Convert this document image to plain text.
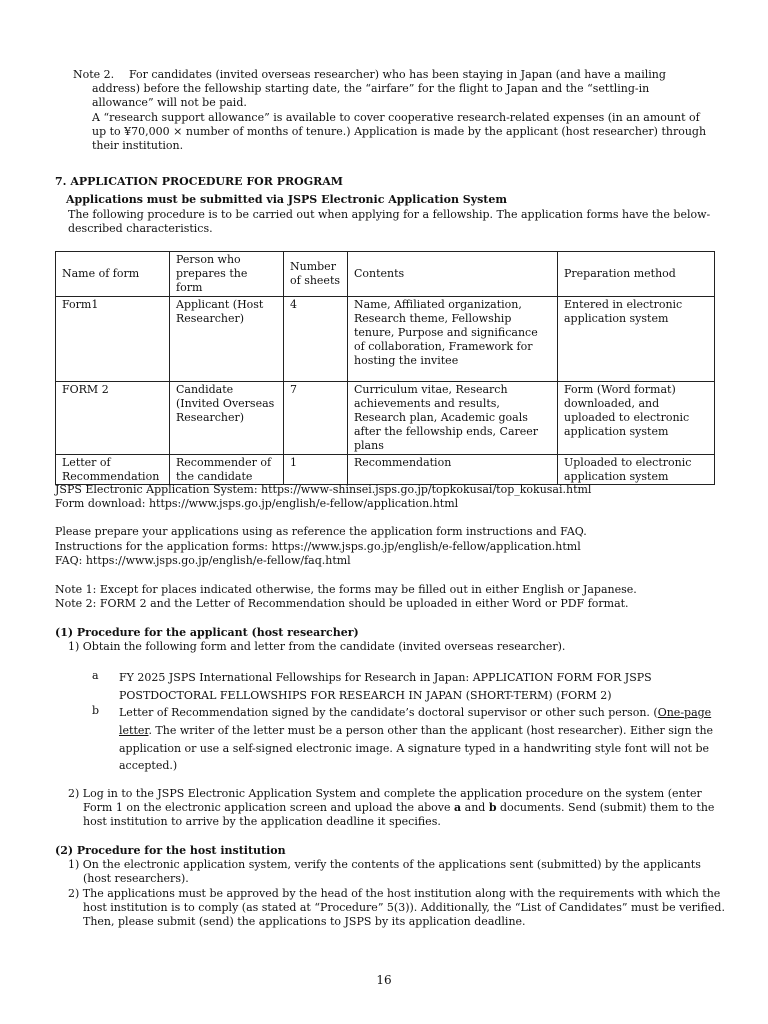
Note 2. For candidates (invited overseas researcher) who has been staying in Japan (and have a mailing

address) before the fellowship starting date, the “airfare” for the flight to Japan and the “settling-in allowance” will not be paid.

A “research support allowance” is available to cover cooperative research-related expenses (in an amount of up to ¥70,000 × number of months of tenure.) Application is made by the applicant (host researcher) through their institution.

7. APPLICATION PROCEDURE FOR PROGRAM

Applications must be submitted via JSPS Electronic Application System

The following procedure is to be carried out when applying for a fellowship. The application forms have the below-described characteristics.

Name of form	Person who prepares the form	Number of sheets	Contents	Preparation method
Form1	Applicant (Host Researcher)	4	Name, Affiliated organization, Research theme, Fellowship tenure, Purpose and significance of collaboration, Framework for hosting the invitee	Entered in electronic application system
FORM 2	Candidate (Invited Overseas Researcher)	7	Curriculum vitae, Research achievements and results, Research plan, Academic goals after the fellowship ends, Career plans	Form (Word format) downloaded, and uploaded to electronic application system
Letter of Recommendation	Recommender of the candidate	1	Recommendation	Uploaded to electronic application system

JSPS Electronic Application System: https://www-shinsei.jsps.go.jp/topkokusai/top_kokusai.html

Form download: https://www.jsps.go.jp/english/e-fellow/application.html

Please prepare your applications using as reference the application form instructions and FAQ.

Instructions for the application forms: https://www.jsps.go.jp/english/e-fellow/application.html

FAQ: https://www.jsps.go.jp/english/e-fellow/faq.html

Note 1: Except for places indicated otherwise, the forms may be filled out in either English or Japanese.

Note 2: FORM 2 and the Letter of Recommendation should be uploaded in either Word or PDF format.

(1) Procedure for the applicant (host researcher)

1) Obtain the following form and letter from the candidate (invited overseas researcher).

a FY 2025 JSPS International Fellowships for Research in Japan: APPLICATION FORM FOR JSPS POSTDOCTORAL FELLOWSHIPS FOR RESEARCH IN JAPAN (SHORT-TERM) (FORM 2)

b Letter of Recommendation signed by the candidate’s doctoral supervisor or other such person. (One-page letter. The writer of the letter must be a person other than the applicant (host researcher). Either sign the application or use a self-signed electronic image. A signature typed in a handwriting style font will not be accepted.)

2) Log in to the JSPS Electronic Application System and complete the application procedure on the system (enter Form 1 on the electronic application screen and upload the above a and b documents. Send (submit) them to the host institution to arrive by the application deadline it specifies.

(2) Procedure for the host institution

1) On the electronic application system, verify the contents of the applications sent (submitted) by the applicants (host researchers).

2) The applications must be approved by the head of the host institution along with the requirements with which the host institution is to comply (as stated at “Procedure” 5(3)). Additionally, the “List of Candidates” must be verified. Then, please submit (send) the applications to JSPS by its application deadline.

16
